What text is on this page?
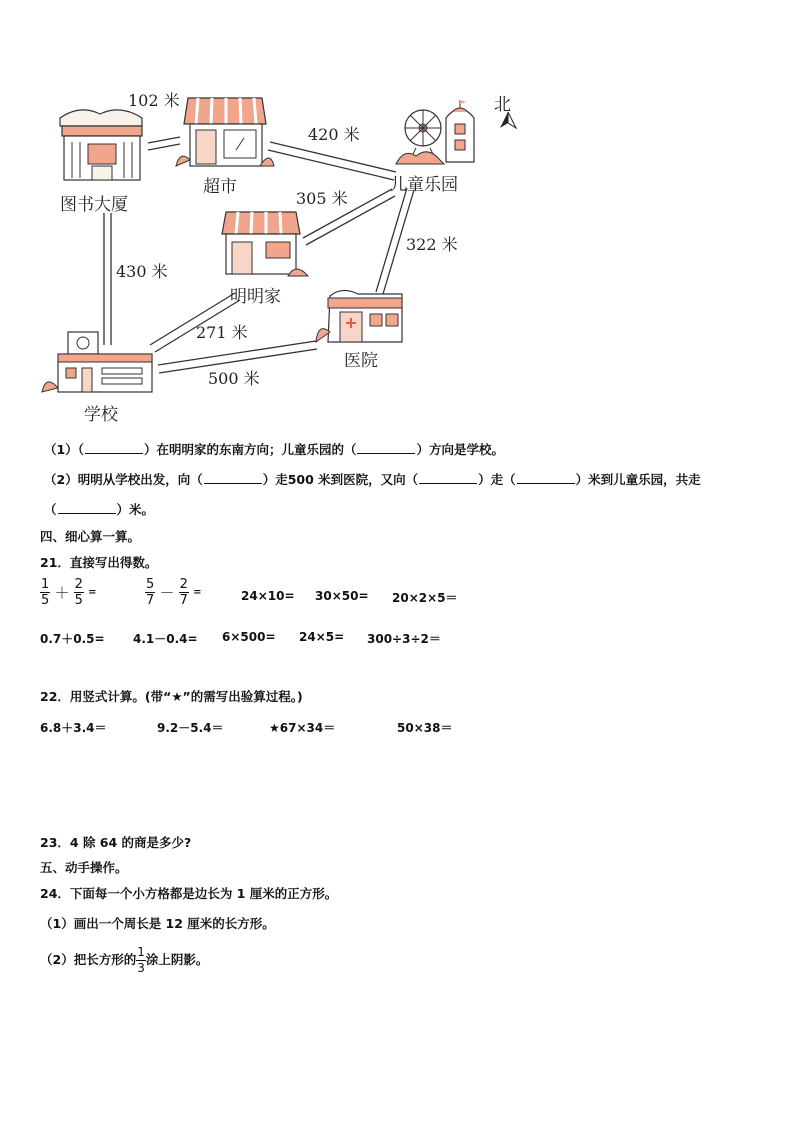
北
图书大厦
超市	儿童乐园
明明家
学校
医院
102 米
420 米
305 米
322 米
430 米
271 米
500 米
（1）（	）在明明家的东南方向；儿童乐园的（	）方向是学校。
（2）明明从学校出发，向（	）走500 米到医院，又向（	）走（	）米到儿童乐园，共走
（	）米。
四、细心算一算。
21．直接写出得数。
$\frac{1}{5} + \frac{2}{5}$ =	$\frac{5}{7} - \frac{2}{7}$ =	24×10= 30×50= 20×2×5＝
0.7＋0.5= 4.1－0.4= 6×500= 24×5= 300÷3÷2＝
22．用竖式计算。(带“★”的需写出验算过程。)
6.8＋3.4＝	9.2－5.4＝	★67×34＝	50×38＝
23．4 除 64 的商是多少?
五、动手操作。
24．下面每一个小方格都是边长为 1 厘米的正方形。
（1）画出一个周长是 12 厘米的长方形。
（2）把长方形的 $\frac{1}{3}$ 涂上阴影。
